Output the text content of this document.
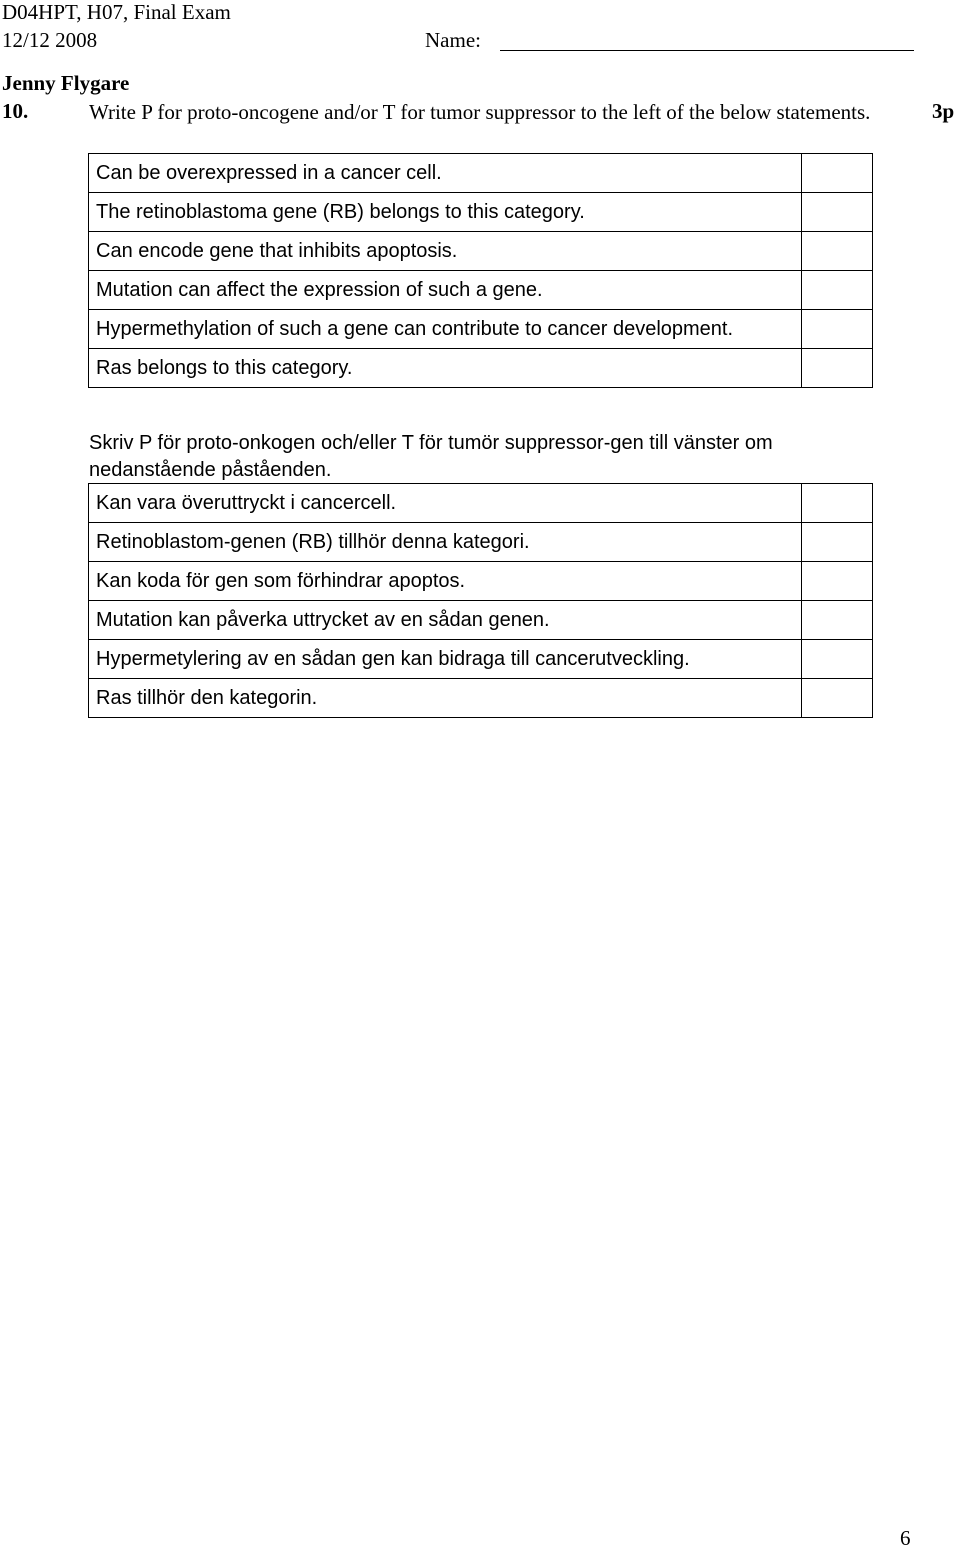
D04HPT, H07, Final Exam
12/12 2008	Name:
Jenny Flygare
10.	Write P for proto-oncogene and/or T for tumor suppressor to the left of the below statements.	3p
Can be overexpressed in a cancer cell.	
The retinoblastoma gene (RB) belongs to this category.	
Can encode gene that inhibits apoptosis.	
Mutation can affect the expression of such a gene.	
Hypermethylation of such a gene can contribute to cancer development.	
Ras belongs to this category.	
Skriv P för proto-onkogen och/eller T för tumör suppressor-gen till vänster om nedanstående påståenden.
Kan vara överuttryckt i cancercell.	
Retinoblastom-genen (RB) tillhör denna kategori.	
Kan koda för gen som förhindrar apoptos.	
Mutation kan påverka uttrycket av en sådan genen.	
Hypermetylering av en sådan gen kan bidraga till cancerutveckling.	
Ras tillhör den kategorin.	
6
